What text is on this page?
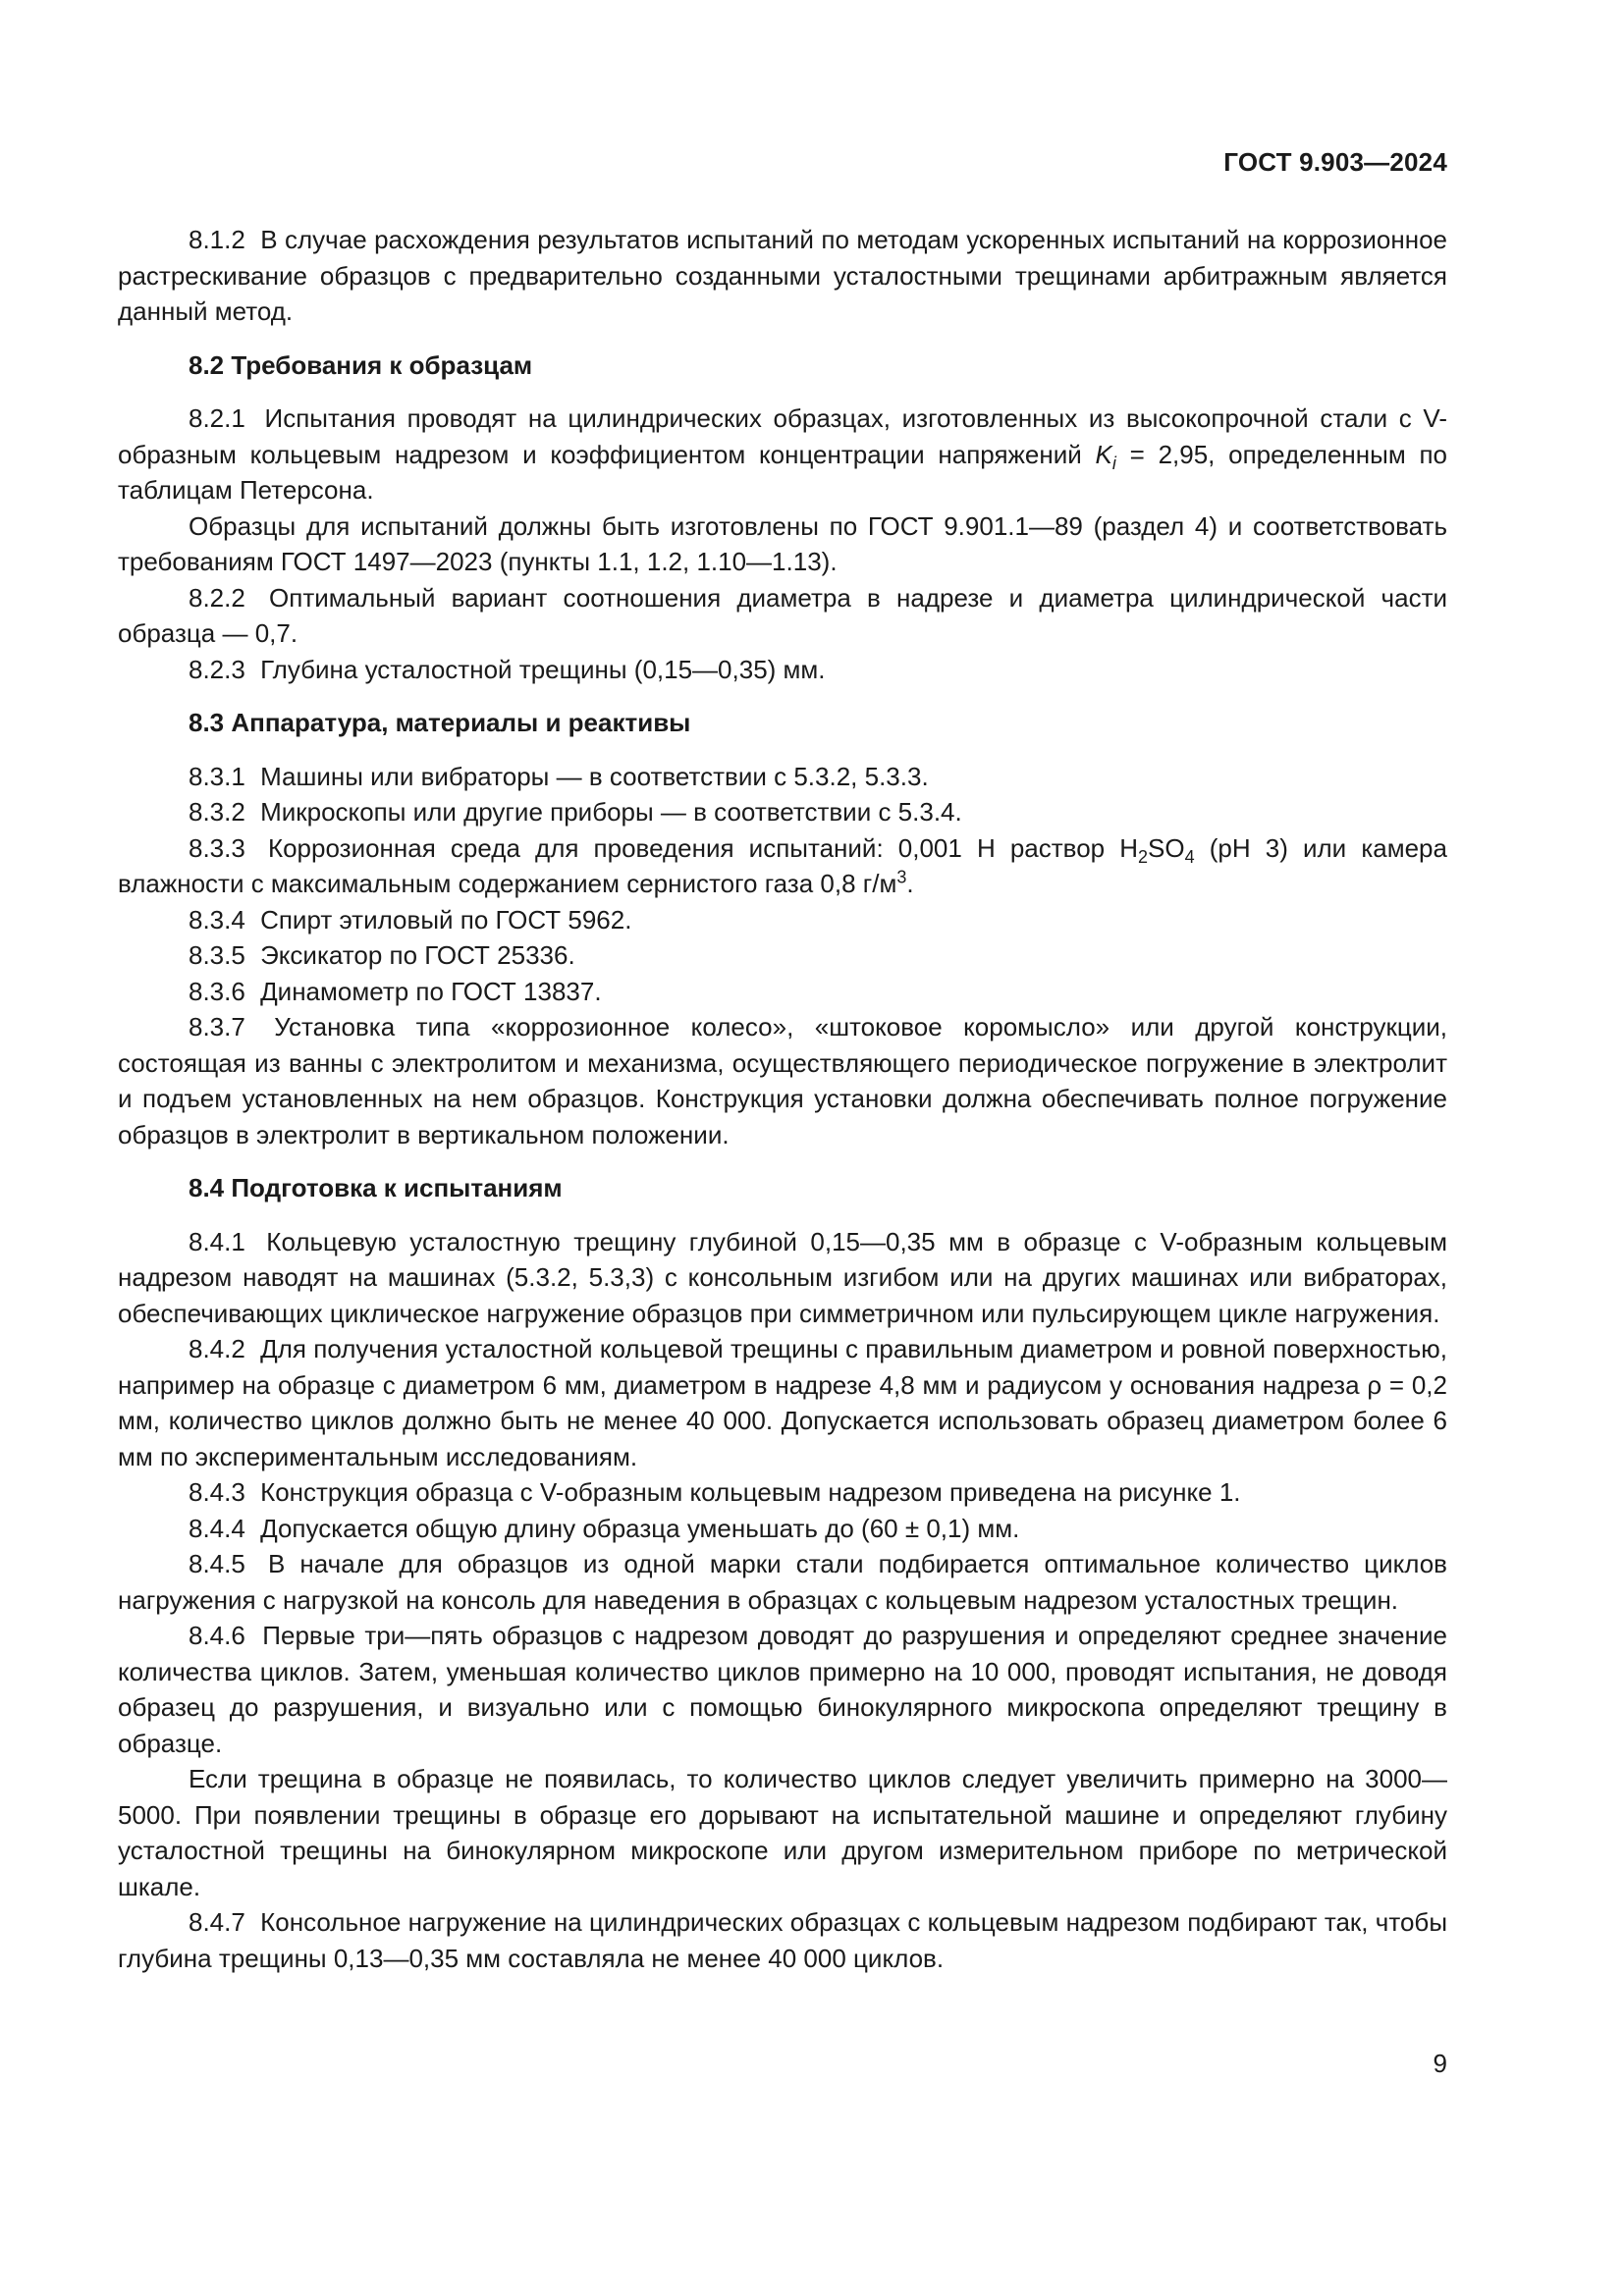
ГОСТ 9.903—2024

8.1.2 В случае расхождения результатов испытаний по методам ускоренных испытаний на коррозионное растрескивание образцов с предварительно созданными усталостными трещинами арбитражным является данный метод.

8.2 Требования к образцам

8.2.1 Испытания проводят на цилиндрических образцах, изготовленных из высокопрочной стали с V-образным кольцевым надрезом и коэффициентом концентрации напряжений $K_i = 2,95$, определенным по таблицам Петерсона.

Образцы для испытаний должны быть изготовлены по ГОСТ 9.901.1—89 (раздел 4) и соответствовать требованиям ГОСТ 1497—2023 (пункты 1.1, 1.2, 1.10—1.13).

8.2.2 Оптимальный вариант соотношения диаметра в надрезе и диаметра цилиндрической части образца — 0,7.

8.2.3 Глубина усталостной трещины (0,15—0,35) мм.

8.3 Аппаратура, материалы и реактивы

8.3.1 Машины или вибраторы — в соответствии с 5.3.2, 5.3.3.

8.3.2 Микроскопы или другие приборы — в соответствии с 5.3.4.

8.3.3 Коррозионная среда для проведения испытаний: 0,001 Н раствор $H_2SO_4$ (pH 3) или камера влажности с максимальным содержанием сернистого газа 0,8 $г/м^3$.

8.3.4 Спирт этиловый по ГОСТ 5962.

8.3.5 Эксикатор по ГОСТ 25336.

8.3.6 Динамометр по ГОСТ 13837.

8.3.7 Установка типа «коррозионное колесо», «штоковое коромысло» или другой конструкции, состоящая из ванны с электролитом и механизма, осуществляющего периодическое погружение в электролит и подъем установленных на нем образцов. Конструкция установки должна обеспечивать полное погружение образцов в электролит в вертикальном положении.

8.4 Подготовка к испытаниям

8.4.1 Кольцевую усталостную трещину глубиной 0,15—0,35 мм в образце с V-образным кольцевым надрезом наводят на машинах (5.3.2, 5.3,3) с консольным изгибом или на других машинах или вибраторах, обеспечивающих циклическое нагружение образцов при симметричном или пульсирующем цикле нагружения.

8.4.2 Для получения усталостной кольцевой трещины с правильным диаметром и ровной поверхностью, например на образце с диаметром 6 мм, диаметром в надрезе 4,8 мм и радиусом у основания надреза ρ = 0,2 мм, количество циклов должно быть не менее 40 000. Допускается использовать образец диаметром более 6 мм по экспериментальным исследованиям.

8.4.3 Конструкция образца с V-образным кольцевым надрезом приведена на рисунке 1.

8.4.4 Допускается общую длину образца уменьшать до (60 ± 0,1) мм.

8.4.5 В начале для образцов из одной марки стали подбирается оптимальное количество циклов нагружения с нагрузкой на консоль для наведения в образцах с кольцевым надрезом усталостных трещин.

8.4.6 Первые три—пять образцов с надрезом доводят до разрушения и определяют среднее значение количества циклов. Затем, уменьшая количество циклов примерно на 10 000, проводят испытания, не доводя образец до разрушения, и визуально или с помощью бинокулярного микроскопа определяют трещину в образце.

Если трещина в образце не появилась, то количество циклов следует увеличить примерно на 3000—5000. При появлении трещины в образце его дорывают на испытательной машине и определяют глубину усталостной трещины на бинокулярном микроскопе или другом измерительном приборе по метрической шкале.

8.4.7 Консольное нагружение на цилиндрических образцах с кольцевым надрезом подбирают так, чтобы глубина трещины 0,13—0,35 мм составляла не менее 40 000 циклов.

9
